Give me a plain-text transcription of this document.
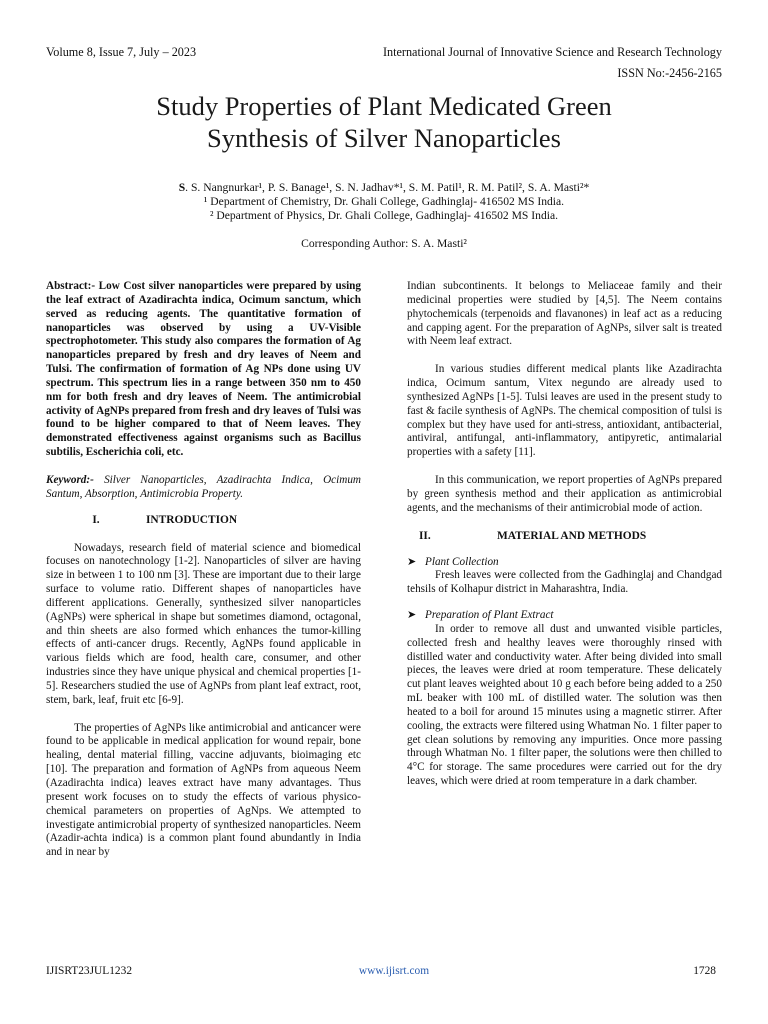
Volume 8, Issue 7, July – 2023	International Journal of Innovative Science and Research Technology
ISSN No:-2456-2165
Study Properties of Plant Medicated Green
Synthesis of Silver Nanoparticles
S. S. Nangnurkar¹, P. S. Banage¹, S. N. Jadhav*¹, S. M. Patil¹, R. M. Patil², S. A. Masti²*
¹ Department of Chemistry, Dr. Ghali College, Gadhinglaj- 416502 MS India.
² Department of Physics, Dr. Ghali College, Gadhinglaj- 416502 MS India.
Corresponding Author: S. A. Masti²

Abstract:- Low Cost silver nanoparticles were prepared by using the leaf extract of Azadirachta indica, Ocimum sanctum, which served as reducing agents. The quantitative formation of nanoparticles was observed by using a UV-Visible spectrophotometer. This study also compares the formation of Ag nanoparticles prepared by fresh and dry leaves of Neem and Tulsi. The confirmation of formation of Ag NPs done using UV spectrum. This spectrum lies in a range between 350 nm to 450 nm for both fresh and dry leaves of Neem. The antimicrobial activity of AgNPs prepared from fresh and dry leaves of Tulsi was found to be higher compared to that of Neem leaves. They demonstrated effectiveness against organisms such as Bacillus subtilis, Escherichia coli, etc.

Keyword:- Silver Nanoparticles, Azadirachta Indica, Ocimum Santum, Absorption, Antimicrobia Property.

I.	INTRODUCTION

Nowadays, research field of material science and biomedical focuses on nanotechnology [1-2]. Nanoparticles of silver are having size in between 1 to 100 nm [3]. These are important due to their large surface to volume ratio. Different shapes of nanoparticles have different applications. Generally, synthesized silver nanoparticles (AgNPs) were spherical in shape but sometimes diamond, octagonal, and thin sheets are also formed which enhances the tumor-killing effects of anti-cancer drugs. Recently, AgNPs found applicable in various fields which are food, health care, consumer, and other industries since they have unique physical and chemical properties [1-5]. Researchers studied the use of AgNPs from plant leaf extract, root, stem, bark, leaf, fruit etc [6-9].

The properties of AgNPs like antimicrobial and anticancer were found to be applicable in medical application for wound repair, bone healing, dental material filling, vaccine adjuvants, bioimaging etc [10]. The preparation and formation of AgNPs from aqueous Neem (Azadirachta indica) leaves extract have many advantages. Thus present work focuses on to study the effects of various physico-chemical parameters on properties of AgNps. We attempted to investigate antimicrobial property of synthesized nanoparticles. Neem (Azadir-achta indica) is a common plant found abundantly in India and in near by

Indian subcontinents. It belongs to Meliaceae family and their medicinal properties were studied by [4,5]. The Neem contains phytochemicals (terpenoids and flavanones) in leaf act as a reducing and capping agent. For the preparation of AgNPs, silver salt is treated with Neem leaf extract.

In various studies different medical plants like Azadirachta indica, Ocimum santum, Vitex negundo are already used to synthesized AgNPs [1-5]. Tulsi leaves are used in the present study to fast & facile synthesis of AgNPs. The chemical composition of tulsi is complex but they have used for anti-stress, antioxidant, antibacterial, antiviral, antifungal, anti-inflammatory, antipyretic, antimalarial properties with a safety [11].

In this communication, we report properties of AgNPs prepared by green synthesis method and their application as antimicrobial agents, and the mechanisms of their antimicrobial mode of action.

II.	MATERIAL AND METHODS
➤ Plant Collection

Fresh leaves were collected from the Gadhinglaj and Chandgad tehsils of Kolhapur district in Maharashtra, India.

➤ Preparation of Plant Extract

In order to remove all dust and unwanted visible particles, collected fresh and healthy leaves were thoroughly rinsed with distilled water and conductivity water. After being divided into small pieces, the leaves were dried at room temperature. These delicately cut plant leaves weighted about 10 g each before being added to a 250 mL beaker with 100 mL of distilled water. The solution was then heated to a boil for around 15 minutes using a magnetic stirrer. After cooling, the extracts were filtered using Whatman No. 1 filter paper to get clean solutions by removing any impurities. Once more passing through Whatman No. 1 filter paper, the solutions were then chilled to 4°C for storage. The same procedures were carried out for the dry leaves, which were dried at room temperature in a dark chamber.

IJISRT23JUL1232	www.ijisrt.com	1728
